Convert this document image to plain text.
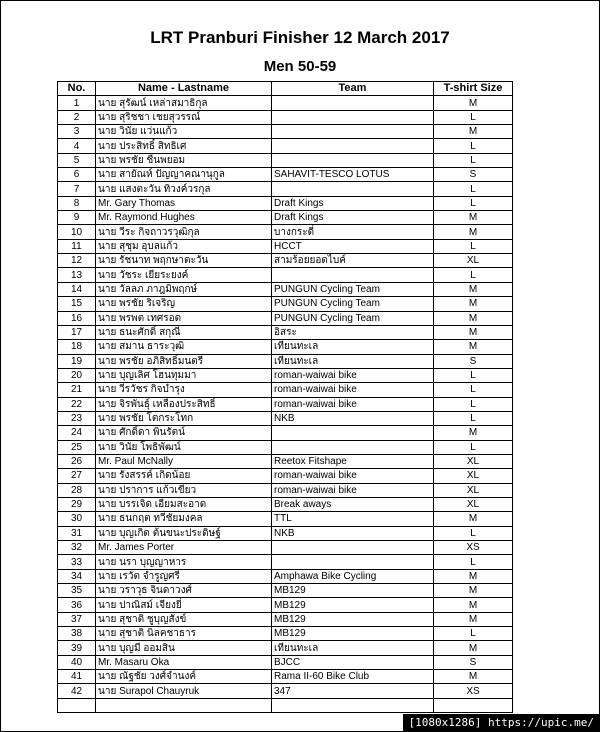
LRT Pranburi Finisher 12 March 2017
Men 50-59
No.	Name - Lastname	Team	T-shirt Size
1	นาย สุรัฒน์ เหล่าสมาธิกุล		M
2	นาย สุริชชา เชยสุวรรณ์		L
3	นาย วินัย แว่นแก้ว		M
4	นาย ประสิทธิ์ สิทธิเศ		L
5	นาย พรชัย ชื่นพยอม		L
6	นาย สายัณห์ ปัญญาคณานุกูล	SAHAVIT-TESCO LOTUS	S
7	นาย แสงตะวัน ทิวงค์วรกุล		L
8	Mr. Gary Thomas	Draft Kings	L
9	Mr. Raymond Hughes	Draft Kings	M
10	นาย วีระ กิจถาวรวุฒิกุล	บางกระดี่	M
11	นาย สุชุม อุบลแก้ว	HCCT	L
12	นาย รัชนาท พฤกษาตะวัน	สามร้อยยอดไบค์	XL
13	นาย วัชระ เยียระยงค์		L
14	นาย วัลลภ ภาฎมิพฤกษ์	PUNGUN Cycling Team	M
15	นาย พรชัย ริเจริญ	PUNGUN Cycling Team	M
16	นาย พรพต เทศรอด	PUNGUN Cycling Team	M
17	นาย ธนะศักดิ์ สกุณี	อิสระ	M
18	นาย สมาน ธาระวุฒิ	เทียนทะเล	M
19	นาย พรชัย อภิสิทธิ์มนตรี	เทียนทะเล	S
20	นาย บุญเลิศ โฮนทุมมา	roman-waiwai bike	L
21	นาย วีรวัชร กิจบำรุง	roman-waiwai bike	L
22	นาย จิรพันธุ์ เหลืองประสิทธิ์	roman-waiwai bike	L
23	นาย พรชัย โตกระโทก	NKB	L
24	นาย ศักดิ์ดา พินรัตน์		M
25	นาย วินัย โพธิพัฒน์		L
26	Mr. Paul McNally	Reetox Fitshape	XL
27	นาย รังสรรค์ เกิดน้อย	roman-waiwai bike	XL
28	นาย ปราการ แก้วเขียว	roman-waiwai bike	XL
29	นาย บรรเจิด เอี่ยมสะอาด	Break aways	XL
30	นาย ธนกฤต ทวีชัยมงคล	TTL	M
31	นาย บุญเกิด ต้นขนะประดิษฐ์	NKB	L
32	Mr. James Porter		XS
33	นาย นรา บุญญาหาร		L
34	นาย เรวัต จำรูญศรี	Amphawa Bike Cycling	M
35	นาย วราวุธ จินดาวงศ์	MB129	M
36	นาย ปาณิสม์ เจียงยี่	MB129	M
37	นาย สุชาติ ชูบุญสังข์	MB129	M
38	นาย สุชาติ นิลคชาธาร	MB129	L
39	นาย บุญมี ออมสิน	เทียนทะเล	M
40	Mr. Masaru Oka	BJCC	S
41	นาย ณัฐชัย วงศ์จำนงค์	Rama II-60 Bike Club	M
42	นาย Surapol Chauyruk	347	XS

[1080x1286] https://upic.me/
